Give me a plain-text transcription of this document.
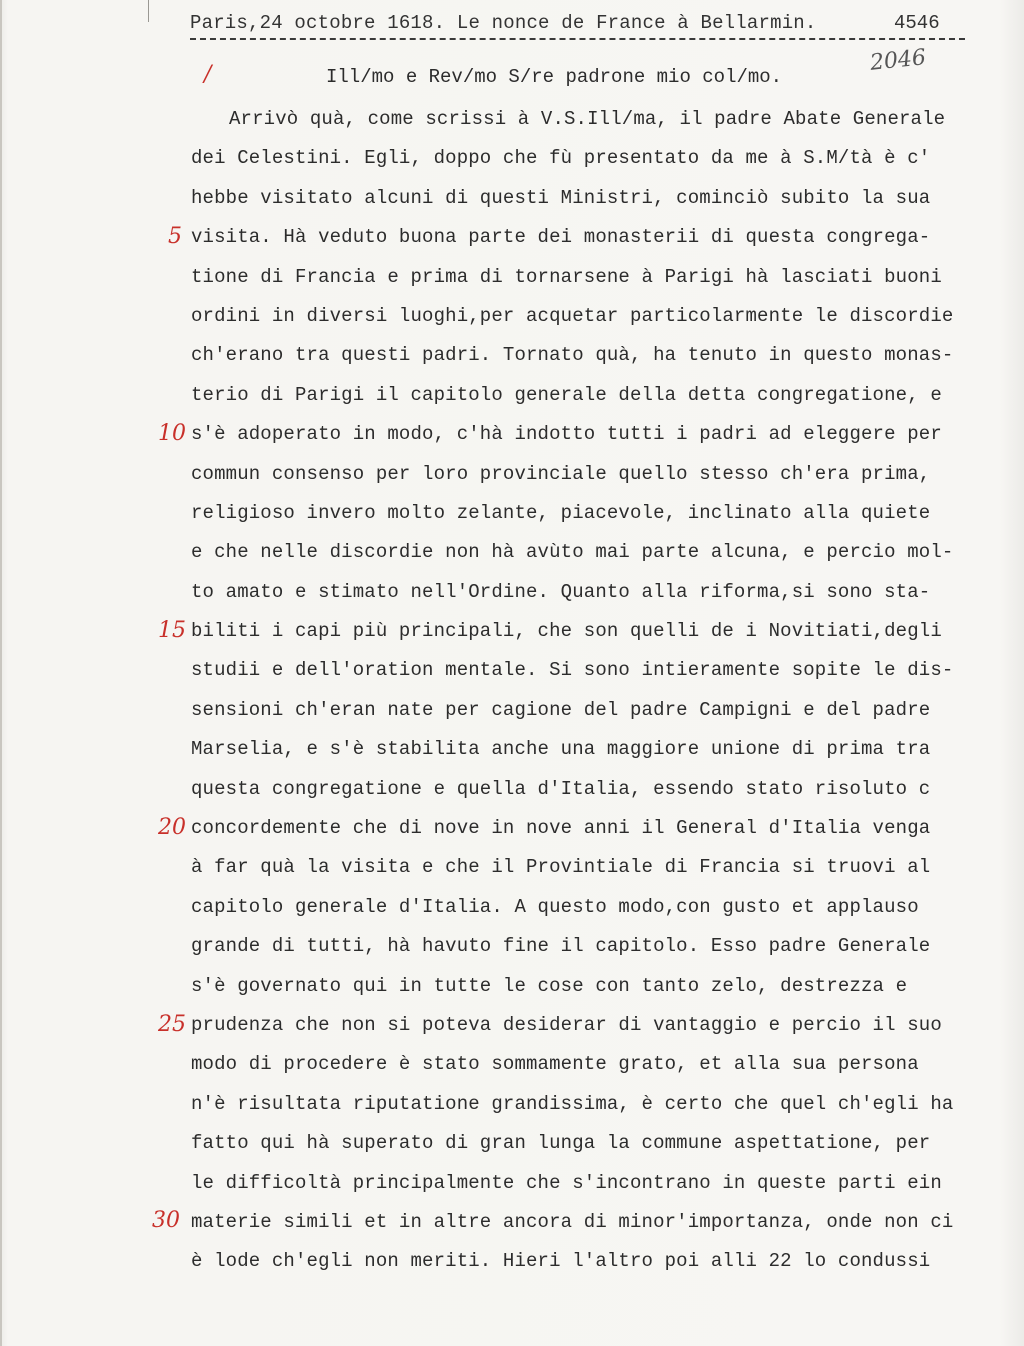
Paris,24 octobre 1618. Le nonce de France à Bellarmin.	4546
2046
/	Ill/mo e Rev/mo S/re padrone mio col/mo.
Arrivò quà, come scrissi à V.S.Ill/ma, il padre Abate Generale
dei Celestini. Egli, doppo che fù presentato da me à S.M/tà è c'
hebbe visitato alcuni di questi Ministri, cominciò subito la sua
visita. Hà veduto buona parte dei monasterii di questa congrega-
tione di Francia e prima di tornarsene à Parigi hà lasciati buoni
ordini in diversi luoghi,per acquetar particolarmente le discordie
ch'erano tra questi padri. Tornato quà, ha tenuto in questo monas-
terio di Parigi il capitolo generale della detta congregatione, e
s'è adoperato in modo, c'hà indotto tutti i padri ad eleggere per
commun consenso per loro provinciale quello stesso ch'era prima,
religioso invero molto zelante, piacevole, inclinato alla quiete
e che nelle discordie non hà avùto mai parte alcuna, e percio mol-
to amato e stimato nell'Ordine. Quanto alla riforma,si sono sta-
biliti i capi più principali, che son quelli de i Novitiati,degli
studii e dell'oration mentale. Si sono intieramente sopite le dis-
sensioni ch'eran nate per cagione del padre Campigni e del padre
Marselia, e s'è stabilita anche una maggiore unione di prima tra
questa congregatione e quella d'Italia, essendo stato risoluto c
concordemente che di nove in nove anni il General d'Italia venga
à far quà la visita e che il Provintiale di Francia si truovi al
capitolo generale d'Italia. A questo modo,con gusto et applauso
grande di tutti, hà havuto fine il capitolo. Esso padre Generale
s'è governato qui in tutte le cose con tanto zelo, destrezza e
prudenza che non si poteva desiderar di vantaggio e percio il suo
modo di procedere è stato sommamente grato, et alla sua persona
n'è risultata riputatione grandissima, è certo che quel ch'egli ha
fatto qui hà superato di gran lunga la commune aspettatione, per
le difficoltà principalmente che s'incontrano in queste parti ein
materie simili et in altre ancora di minor'importanza, onde non ci
è lode ch'egli non meriti. Hieri l'altro poi alli 22 lo condussi
5
10
15
20
25
30
